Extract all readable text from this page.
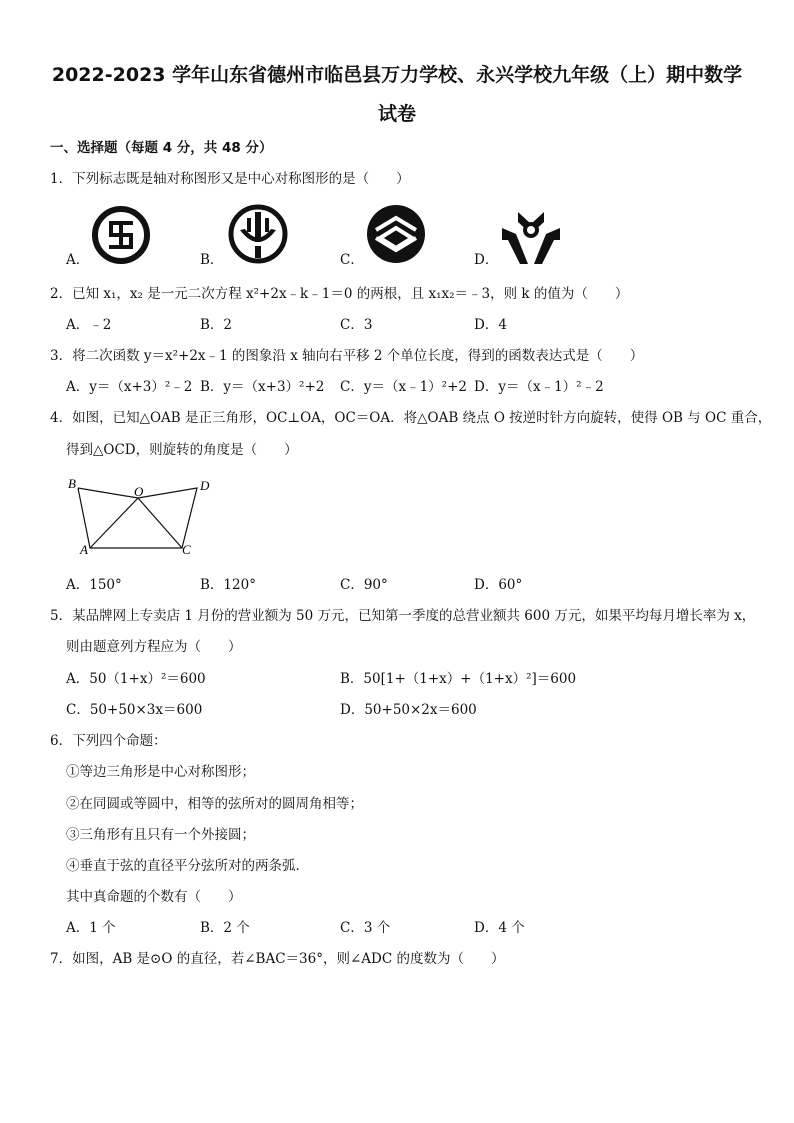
2022-2023 学年山东省德州市临邑县万力学校、永兴学校九年级（上）期中数学
试卷
一、选择题（每题 4 分，共 48 分）
1．下列标志既是轴对称图形又是中心对称图形的是（　　）
A．	B．	C．	D．
2．已知 x₁，x₂ 是一元二次方程 x²+2x﹣k﹣1＝0 的两根，且 x₁x₂＝﹣3，则 k 的值为（　　）
A．﹣2	B．2	C．3	D．4
3．将二次函数 y＝x²+2x﹣1 的图象沿 x 轴向右平移 2 个单位长度，得到的函数表达式是（　　）
A．y＝（x+3）²﹣2 B．y＝（x+3）²+2 C．y＝（x﹣1）²+2 D．y＝（x﹣1）²﹣2
4．如图，已知△OAB 是正三角形，OC⊥OA，OC＝OA．将△OAB 绕点 O 按逆时针方向旋转，使得 OB 与 OC 重合，
得到△OCD，则旋转的角度是（　　）
B
O	D
A	C
A．150°	B．120°	C．90°	D．60°
5．某品牌网上专卖店 1 月份的营业额为 50 万元，已知第一季度的总营业额共 600 万元，如果平均每月增长率为 x，
则由题意列方程应为（　　）
A．50（1+x）²＝600	B．50[1+（1+x）+（1+x）²]＝600
C．50+50×3x＝600	D．50+50×2x＝600
6．下列四个命题：
①等边三角形是中心对称图形；
②在同圆或等圆中，相等的弦所对的圆周角相等；
③三角形有且只有一个外接圆；
④垂直于弦的直径平分弦所对的两条弧．
其中真命题的个数有（　　）
A．1 个	B．2 个	C．3 个	D．4 个
7．如图，AB 是⊙O 的直径，若∠BAC＝36°，则∠ADC 的度数为（　　）
